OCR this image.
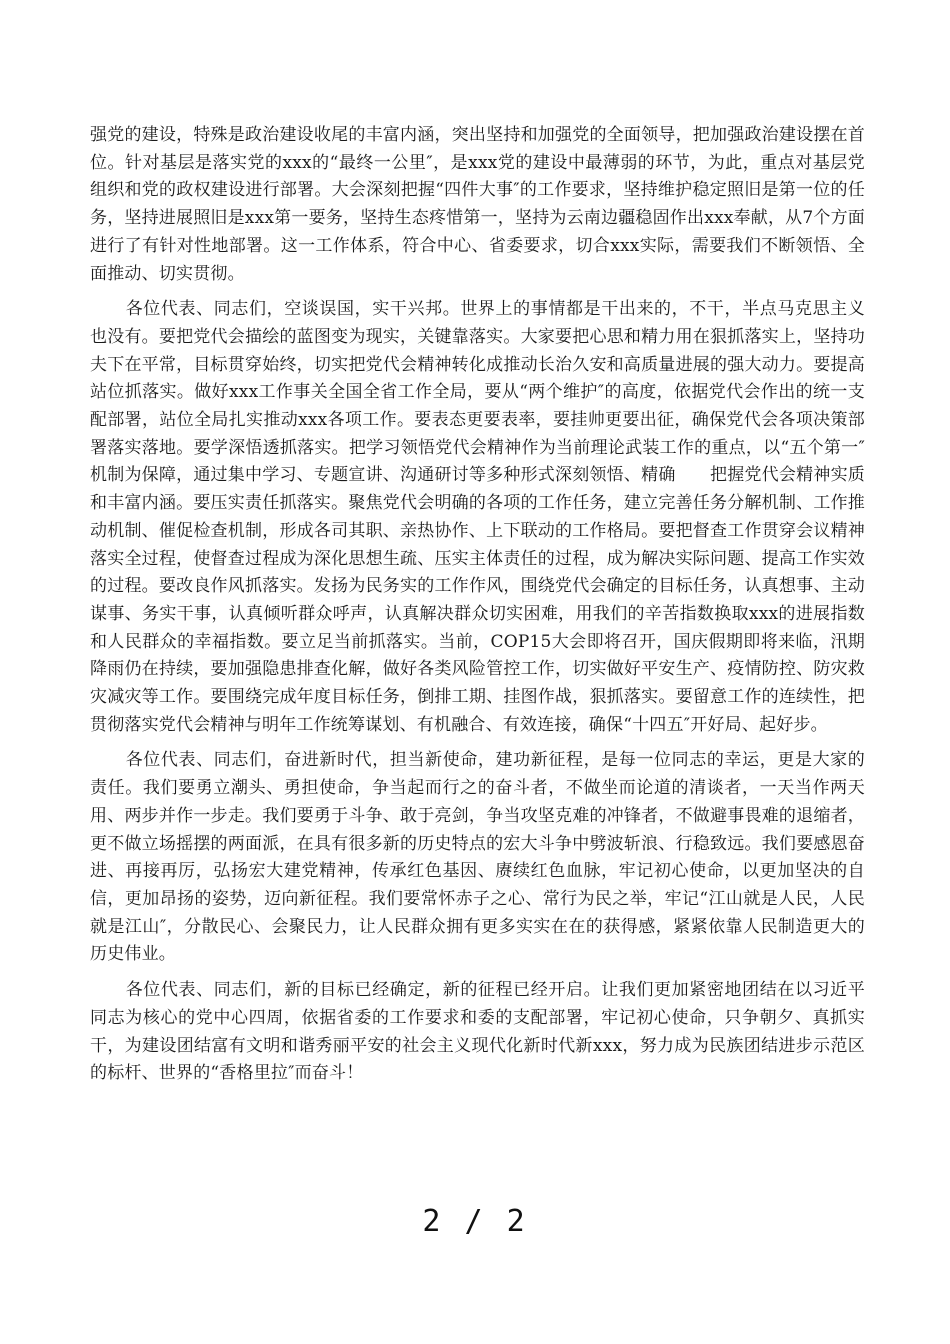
强党的建设，特殊是政治建设收尾的丰富内涵，突出坚持和加强党的全面领导，把加强政治建设摆在首位。针对基层是落实党的xxx的“最终一公里″，是xxx党的建设中最薄弱的环节，为此，重点对基层党组织和党的政权建设进行部署。大会深刻把握“四件大事″的工作要求，坚持维护稳定照旧是第一位的任务，坚持进展照旧是xxx第一要务，坚持生态疼惜第一，坚持为云南边疆稳固作出xxx奉献，从7个方面进行了有针对性地部署。这一工作体系，符合中心、省委要求，切合xxx实际，需要我们不断领悟、全面推动、切实贯彻。

各位代表、同志们，空谈误国，实干兴邦。世界上的事情都是干出来的，不干，半点马克思主义也没有。要把党代会描绘的蓝图变为现实，关键靠落实。大家要把心思和精力用在狠抓落实上，坚持功夫下在平常，目标贯穿始终，切实把党代会精神转化成推动长治久安和高质量进展的强大动力。要提高站位抓落实。做好xxx工作事关全国全省工作全局，要从“两个维护″的高度，依据党代会作出的统一支配部署，站位全局扎实推动xxx各项工作。要表态更要表率，要挂帅更要出征，确保党代会各项决策部署落实落地。要学深悟透抓落实。把学习领悟党代会精神作为当前理论武装工作的重点，以“五个第一″机制为保障，通过集中学习、专题宣讲、沟通研讨等多种形式深刻领悟、精确　　把握党代会精神实质和丰富内涵。要压实责任抓落实。聚焦党代会明确的各项的工作任务，建立完善任务分解机制、工作推动机制、催促检查机制，形成各司其职、亲热协作、上下联动的工作格局。要把督查工作贯穿会议精神落实全过程，使督查过程成为深化思想生疏、压实主体责任的过程，成为解决实际问题、提高工作实效的过程。要改良作风抓落实。发扬为民务实的工作作风，围绕党代会确定的目标任务，认真想事、主动谋事、务实干事，认真倾听群众呼声，认真解决群众切实困难，用我们的辛苦指数换取xxx的进展指数和人民群众的幸福指数。要立足当前抓落实。当前，COP15大会即将召开，国庆假期即将来临，汛期降雨仍在持续，要加强隐患排查化解，做好各类风险管控工作，切实做好平安生产、疫情防控、防灾救灾减灾等工作。要围绕完成年度目标任务，倒排工期、挂图作战，狠抓落实。要留意工作的连续性，把贯彻落实党代会精神与明年工作统筹谋划、有机融合、有效连接，确保“十四五″开好局、起好步。

各位代表、同志们，奋进新时代，担当新使命，建功新征程，是每一位同志的幸运，更是大家的责任。我们要勇立潮头、勇担使命，争当起而行之的奋斗者，不做坐而论道的清谈者，一天当作两天用、两步并作一步走。我们要勇于斗争、敢于亮剑，争当攻坚克难的冲锋者，不做避事畏难的退缩者，更不做立场摇摆的两面派，在具有很多新的历史特点的宏大斗争中劈波斩浪、行稳致远。我们要感恩奋进、再接再厉，弘扬宏大建党精神，传承红色基因、赓续红色血脉，牢记初心使命，以更加坚决的自信，更加昂扬的姿势，迈向新征程。我们要常怀赤子之心、常行为民之举，牢记“江山就是人民，人民就是江山″，分散民心、会聚民力，让人民群众拥有更多实实在在的获得感，紧紧依靠人民制造更大的历史伟业。

各位代表、同志们，新的目标已经确定，新的征程已经开启。让我们更加紧密地团结在以习近平同志为核心的党中心四周，依据省委的工作要求和委的支配部署，牢记初心使命，只争朝夕、真抓实干，为建设团结富有文明和谐秀丽平安的社会主义现代化新时代新xxx，努力成为民族团结进步示范区的标杆、世界的“香格里拉″而奋斗！

2 / 2
